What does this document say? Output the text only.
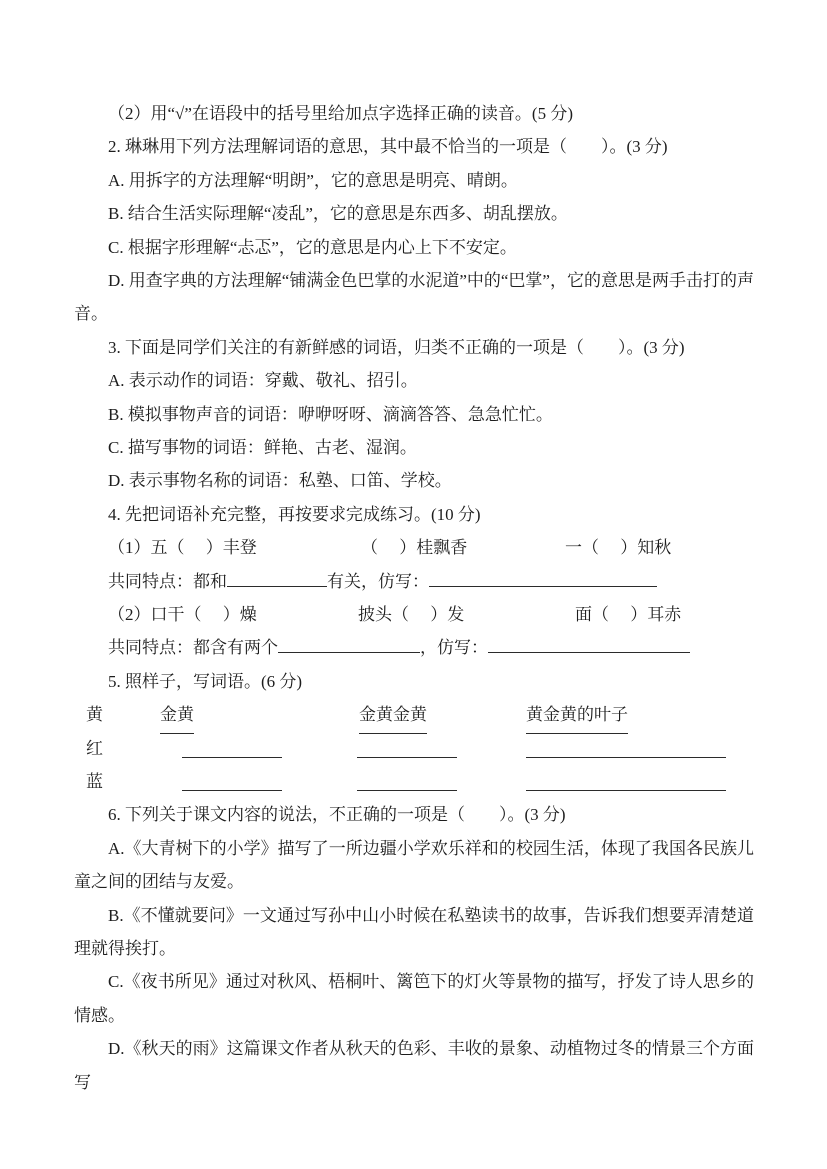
（2）用“√”在语段中的括号里给加点字选择正确的读音。(5 分)

2. 琳琳用下列方法理解词语的意思，其中最不恰当的一项是（　　）。(3 分)

A. 用拆字的方法理解“明朗”，它的意思是明亮、晴朗。

B. 结合生活实际理解“凌乱”，它的意思是东西多、胡乱摆放。

C. 根据字形理解“忐忑”，它的意思是内心上下不安定。

D. 用查字典的方法理解“铺满金色巴掌的水泥道”中的“巴掌”，它的意思是两手击打的声音。

3. 下面是同学们关注的有新鲜感的词语，归类不正确的一项是（　　）。(3 分)

A. 表示动作的词语：穿戴、敬礼、招引。

B. 模拟事物声音的词语：咿咿呀呀、滴滴答答、急急忙忙。

C. 描写事物的词语：鲜艳、古老、湿润。

D. 表示事物名称的词语：私塾、口笛、学校。

4. 先把词语补充完整，再按要求完成练习。(10 分)

（1）五（　 ）丰登	（　 ）桂飘香	一（　 ）知秋

共同特点：都和	有关，仿写：

（2）口干（　 ）燥	披头（　 ）发	面（　 ）耳赤

共同特点：都含有两个	，仿写：

5. 照样子，写词语。(6 分)

黄	金黄	金黄金黄	黄金黄的叶子
红
蓝

6. 下列关于课文内容的说法，不正确的一项是（　　）。(3 分)

A.《大青树下的小学》描写了一所边疆小学欢乐祥和的校园生活，体现了我国各民族儿童之间的团结与友爱。

B.《不懂就要问》一文通过写孙中山小时候在私塾读书的故事，告诉我们想要弄清楚道理就得挨打。

C.《夜书所见》通过对秋风、梧桐叶、篱笆下的灯火等景物的描写，抒发了诗人思乡的情感。

D.《秋天的雨》这篇课文作者从秋天的色彩、丰收的景象、动植物过冬的情景三个方面写
